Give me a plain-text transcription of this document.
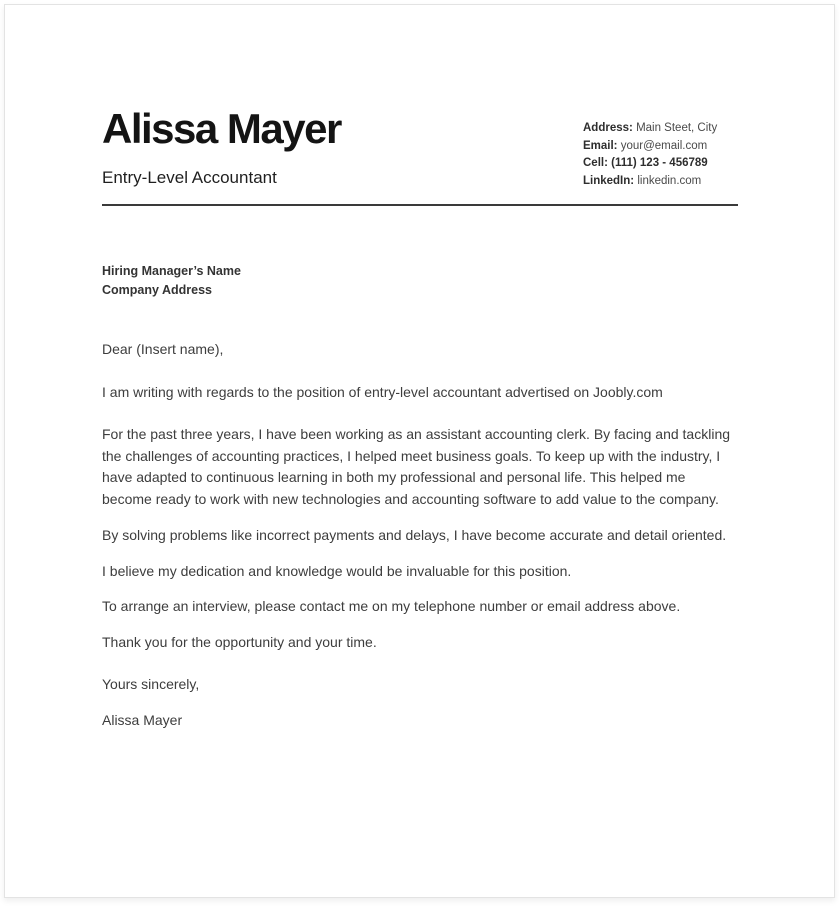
Alissa Mayer
Entry-Level Accountant
Address: Main Steet, City
Email: your@email.com
Cell: (111) 123 - 456789
LinkedIn: linkedin.com
Hiring Manager’s Name
Company Address

Dear (Insert name),

I am writing with regards to the position of entry-level accountant advertised on Joobly.com

For the past three years, I have been working as an assistant accounting clerk. By facing and tackling the challenges of accounting practices, I helped meet business goals. To keep up with the industry, I have adapted to continuous learning in both my professional and personal life. This helped me become ready to work with new technologies and accounting software to add value to the company.

By solving problems like incorrect payments and delays, I have become accurate and detail oriented.

I believe my dedication and knowledge would be invaluable for this position.

To arrange an interview, please contact me on my telephone number or email address above.

Thank you for the opportunity and your time.

Yours sincerely,

Alissa Mayer
